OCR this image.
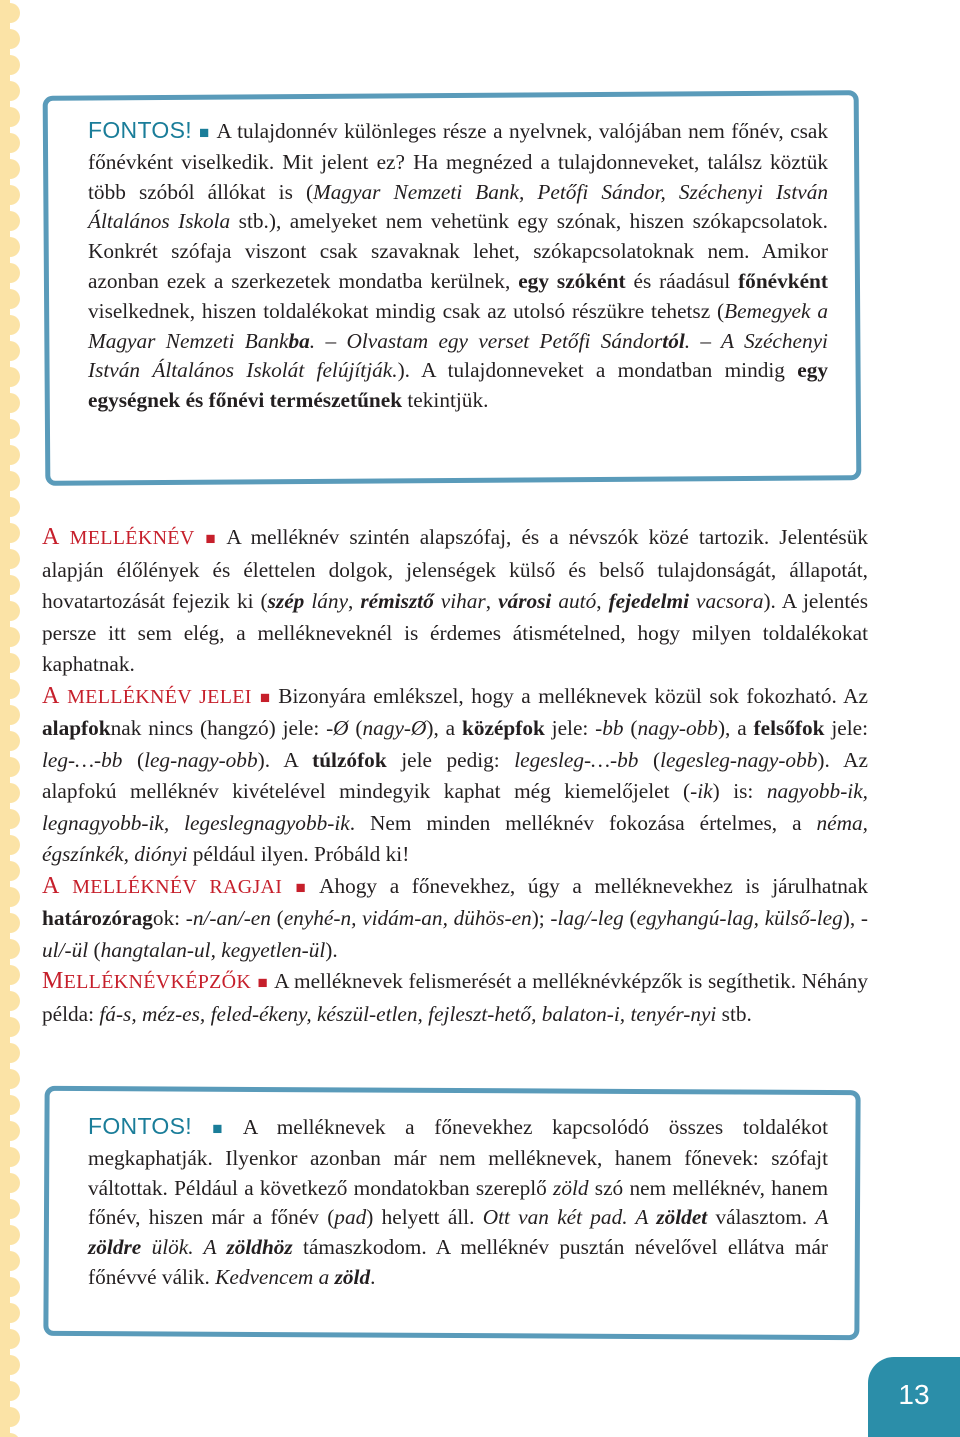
FONTOS! ■ A tulajdonnév különleges része a nyelvnek, valójában nem főnév, csak főnévként viselkedik. Mit jelent ez? Ha megnézed a tulajdonneveket, találsz köztük több szóból állókat is (Magyar Nemzeti Bank, Petőfi Sándor, Széchenyi István Általános Iskola stb.), amelyeket nem vehetünk egy szónak, hiszen szókapcsolatok. Konkrét szófaja viszont csak szavaknak lehet, szókapcsolatoknak nem. Amikor azonban ezek a szerkezetek mondatba kerülnek, egy szóként és ráadásul főnévként viselkednek, hiszen toldalékokat mindig csak az utolsó részükre tehetsz (Bemegyek a Magyar Nemzeti Bankba. – Olvastam egy verset Petőfi Sándortól. – A Széchenyi István Általános Iskolát felújítják.). A tulajdonneveket a mondatban mindig egy egységnek és főnévi természetűnek tekintjük.
A MELLÉKNÉV ■ A melléknév szintén alapszófaj, és a névszók közé tartozik. Jelentésük alapján élőlények és élettelen dolgok, jelenségek külső és belső tulajdonságát, állapotát, hovatartozását fejezik ki (szép lány, rémisztő vihar, városi autó, fejedelmi vacsora). A jelentés persze itt sem elég, a mellékneveknél is érdemes átismételned, hogy milyen toldalékokat kaphatnak.
A MELLÉKNÉV JELEI ■ Bizonyára emlékszel, hogy a melléknevek közül sok fokozható. Az alapfoknak nincs (hangzó) jele: -Ø (nagy-Ø), a középfok jele: -bb (nagy-obb), a felsőfok jele: leg-…-bb (leg-nagy-obb). A túlzófok jele pedig: legesleg-…-bb (legesleg-nagy-obb). Az alapfokú melléknév kivételével mindegyik kaphat még kiemelőjelet (-ik) is: nagyobb-ik, legnagyobb-ik, legeslegnagyobb-ik. Nem minden melléknév fokozása értelmes, a néma, égszínkék, diónyi például ilyen. Próbáld ki!
A MELLÉKNÉV RAGJAI ■ Ahogy a főnevekhez, úgy a melléknevekhez is járulhatnak határozóragok: -n/-an/-en (enyhé-n, vidám-an, dühös-en); -lag/-leg (egyhangú-lag, külső-leg), -ul/-ül (hangtalan-ul, kegyetlen-ül).
MELLÉKNÉVKÉPZŐK ■ A melléknevek felismerését a melléknévképzők is segíthetik. Néhány példa: fá-s, méz-es, feled-ékeny, készül-etlen, fejleszt-hető, balaton-i, tenyér-nyi stb.
FONTOS! ■ A melléknevek a főnevekhez kapcsolódó összes toldalékot megkaphatják. Ilyenkor azonban már nem melléknevek, hanem főnevek: szófajt váltottak. Például a következő mondatokban szereplő zöld szó nem melléknév, hanem főnév, hiszen már a főnév (pad) helyett áll. Ott van két pad. A zöldet választom. A zöldre ülök. A zöldhöz támaszkodom. A melléknév pusztán névelővel ellátva már főnévvé válik. Kedvencem a zöld.
13
